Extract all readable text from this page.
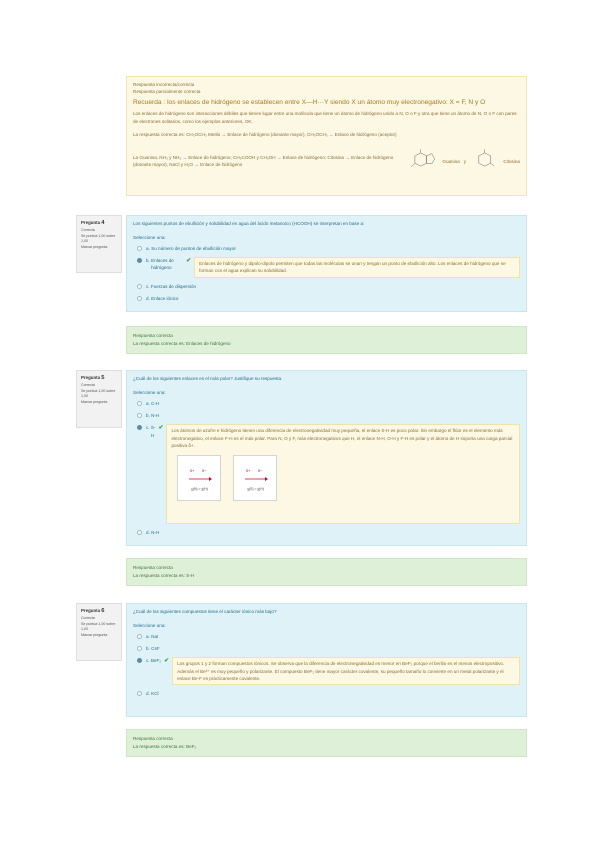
Respuesta incorrecta/correcta
Respuesta parcialmente correcta
Recuerda : los enlaces de hidrógeno se establecen entre X—H···Y siendo X un átomo muy electronegativo: X = F, N y O
Los enlaces de hidrógeno son interacciones débiles que tienen lugar entre una molécula que tiene un átomo de hidrógeno unido a N, O o F y otra que tiene un átomo de N, O o F con pares de electrones solitarios, como los ejemplos anteriores, OK.
La respuesta correcta es: CH₃OCH₃ Metilo → Enlace de hidrógeno (donante mayor), CH₃OCH₃ → Enlace de hidrógeno (aceptor)
La Guanina, NH₃ y NH₃ → Enlace de hidrógeno; CH₃COOH y CH₃OH → Enlace de hidrógeno; Citosina → Enlace de hidrógeno (donante mayor), NaCl y H₂O → Enlace de hidrógeno
Guanina y	Citosina
Pregunta 4
Correcta
Se puntúa 1,00 sobre 1,00
Marcar pregunta
Los siguientes puntos de ebullición y solubilidad en agua del ácido metanoico (HCOOH) se interpretan en base a:
Seleccione una:
a.
Su número de puntos de ebullición mayor
b.
Enlaces de hidrógeno
✔	Enlaces de hidrógeno y dipolo-dipolo permiten que todas las moléculas se unan y tengan un punto de ebullición alto. Los enlaces de hidrógeno que se forman con el agua explican su solubilidad.
c.
Fuerzas de dispersión
d.
Enlace iónico
Respuesta correcta
La respuesta correcta es: Enlaces de hidrógeno
Pregunta 5
Correcta
Se puntúa 1,00 sobre 1,00
Marcar pregunta
¿Cuál de los siguientes enlaces es el más polar? Justifique su respuesta.
Seleccione una:
a.
C-H
b.
N-H
c.
S-H
✔ Los átomos de azufre e hidrógeno tienen una diferencia de electronegatividad muy pequeña, el enlace S-H es poco polar. Sin embargo el flúor es el elemento más electronegativo, el enlace F-H es el más polar. Para N, O y F, más electronegativos que H, el enlace N-H, O-H y F-H es polar y el átomo de H soporta una carga parcial positiva δ+.
δ+ δ−
χ(N) > χ(H)
δ+ δ−
χ(S) ≈ χ(H)
d.
N-H
Respuesta correcta
La respuesta correcta es: S-H
Pregunta 6
Correcta
Se puntúa 1,00 sobre 1,00
Marcar pregunta
¿Cuál de los siguientes compuestos tiene el carácter iónico más bajo?
Seleccione una:
a.
NaI
b.
CsF
c.
BeF₂ ✔	Los grupos 1 y 2 forman compuestos iónicos. Se observa que la diferencia de electronegatividad es menor en BeF₂ porque el berilio es el menos electropositivo. Además el Be²⁺ es muy pequeño y polarizante. El compuesto BeF₂ tiene mayor carácter covalente, su pequeño tamaño lo convierte en un metal polarizante y el enlace Be-F es prácticamente covalente.
d.
KCl
Respuesta correcta
La respuesta correcta es: BeF₂
